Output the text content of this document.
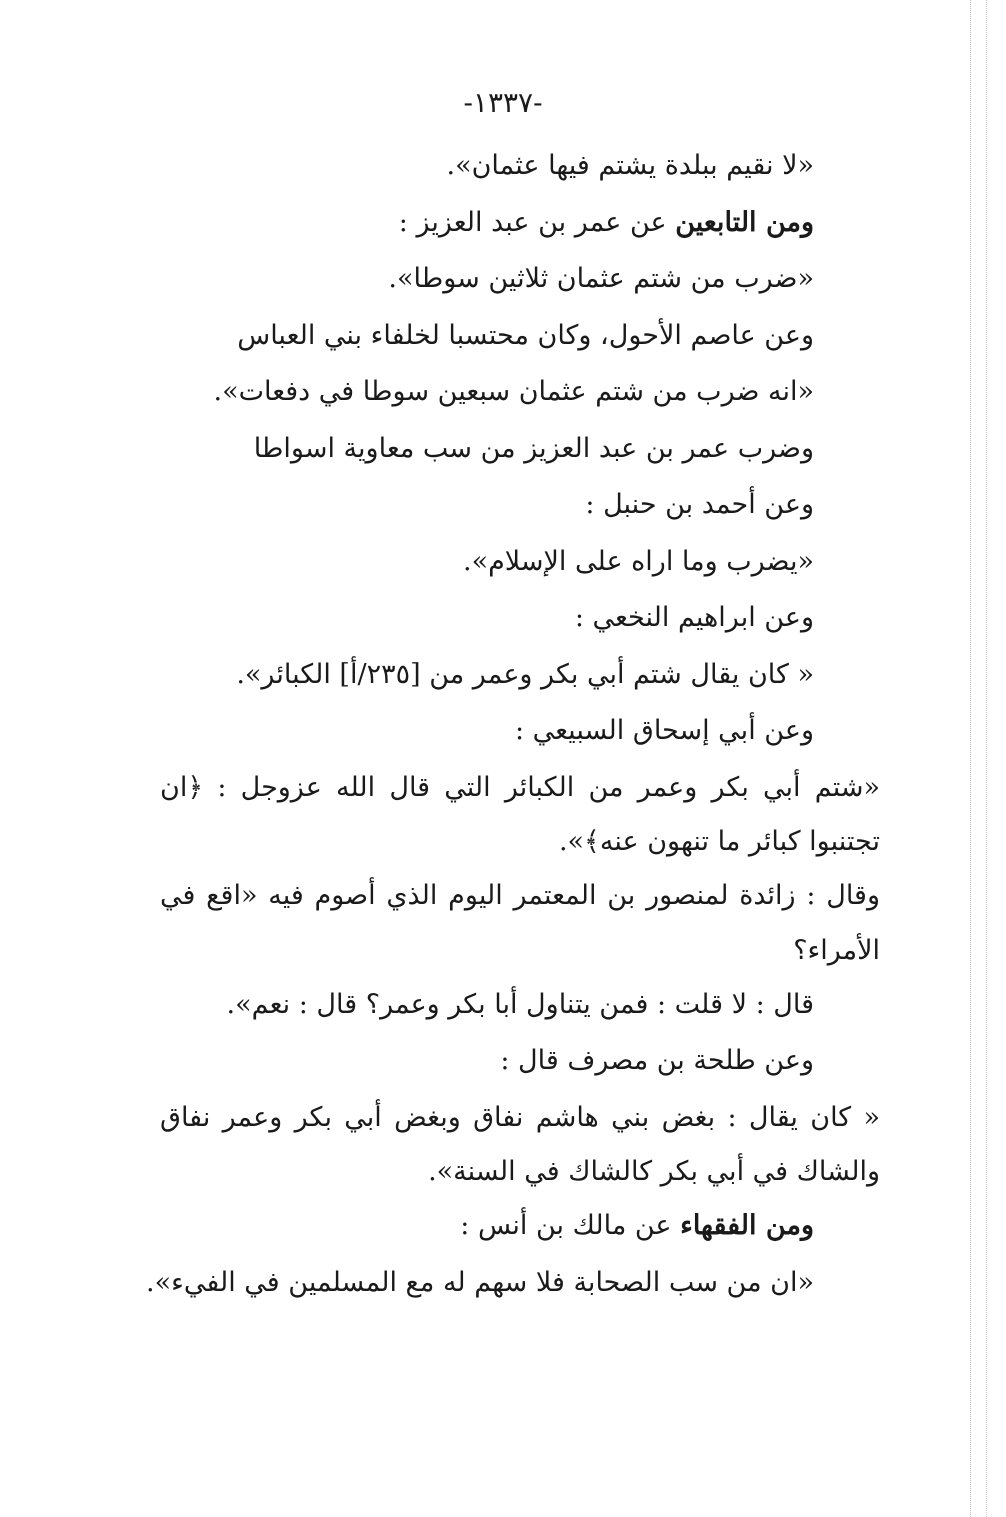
-١٣٣٧-
«لا نقيم ببلدة يشتم فيها عثمان».
ومن التابعين عن عمر بن عبد العزيز :
«ضرب من شتم عثمان ثلاثين سوطا».
وعن عاصم الأحول، وكان محتسبا لخلفاء بني العباس
«انه ضرب من شتم عثمان سبعين سوطا في دفعات».
وضرب عمر بن عبد العزيز من سب معاوية اسواطا
وعن أحمد بن حنبل :
«يضرب وما اراه على الإسلام».
وعن ابراهيم النخعي :
« كان يقال شتم أبي بكر وعمر من [٢٣٥/أ] الكبائر».
وعن أبي إسحاق السبيعي :
«شتم أبي بكر وعمر من الكبائر التي قال الله عزوجل : ﴿ان
تجتنبوا كبائر ما تنهون عنه﴾».
وقال : زائدة لمنصور بن المعتمر اليوم الذي أصوم فيه «اقع في
الأمراء؟
قال : لا قلت : فمن يتناول أبا بكر وعمر؟ قال : نعم».
وعن طلحة بن مصرف قال :
« كان يقال : بغض بني هاشم نفاق وبغض أبي بكر وعمر نفاق
والشاك في أبي بكر كالشاك في السنة».
ومن الفقهاء عن مالك بن أنس :
«ان من سب الصحابة فلا سهم له مع المسلمين في الفيء».
